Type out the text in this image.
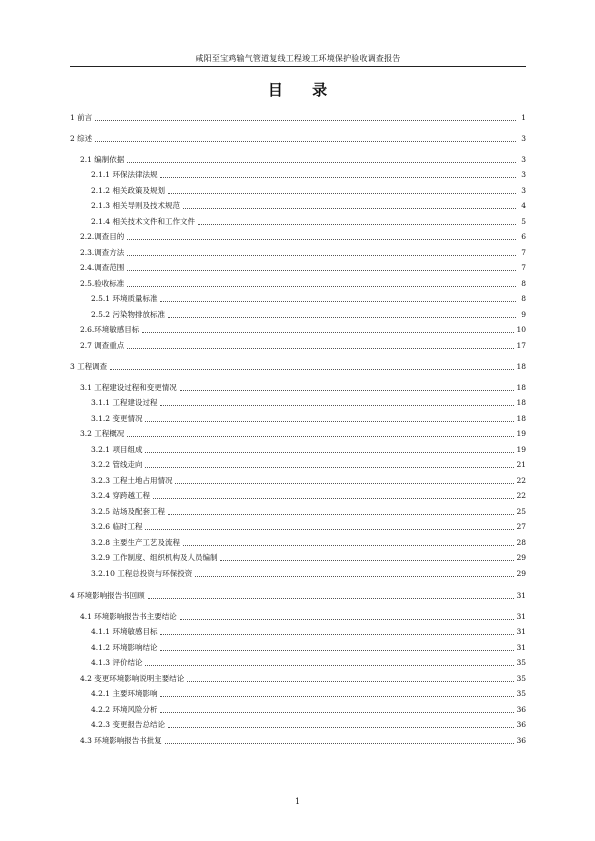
咸阳至宝鸡输气管道复线工程竣工环境保护验收调查报告
目 录
1 前言	1
2 综述	3
2.1 编制依据	3
2.1.1 环保法律法规	3
2.1.2 相关政策及规划	3
2.1.3 相关导则及技术规范	4
2.1.4 相关技术文件和工作文件	5
2.2.调查目的	6
2.3.调查方法	7
2.4.调查范围	7
2.5.验收标准	8
2.5.1 环境质量标准	8
2.5.2 污染物排放标准	9
2.6.环境敏感目标	10
2.7 调查重点	17
3 工程调查	18
3.1 工程建设过程和变更情况	18
3.1.1 工程建设过程	18
3.1.2 变更情况	18
3.2 工程概况	19
3.2.1 项目组成	19
3.2.2 管线走向	21
3.2.3 工程土地占用情况	22
3.2.4 穿跨越工程	22
3.2.5 站场及配套工程	25
3.2.6 临时工程	27
3.2.8 主要生产工艺及流程	28
3.2.9 工作制度、组织机构及人员编制	29
3.2.10 工程总投资与环保投资	29
4 环境影响报告书回顾	31
4.1 环境影响报告书主要结论	31
4.1.1 环境敏感目标	31
4.1.2 环境影响结论	31
4.1.3 评价结论	35
4.2 变更环境影响说明主要结论	35
4.2.1 主要环境影响	35
4.2.2 环境风险分析	36
4.2.3 变更报告总结论	36
4.3 环境影响报告书批复	36
1
